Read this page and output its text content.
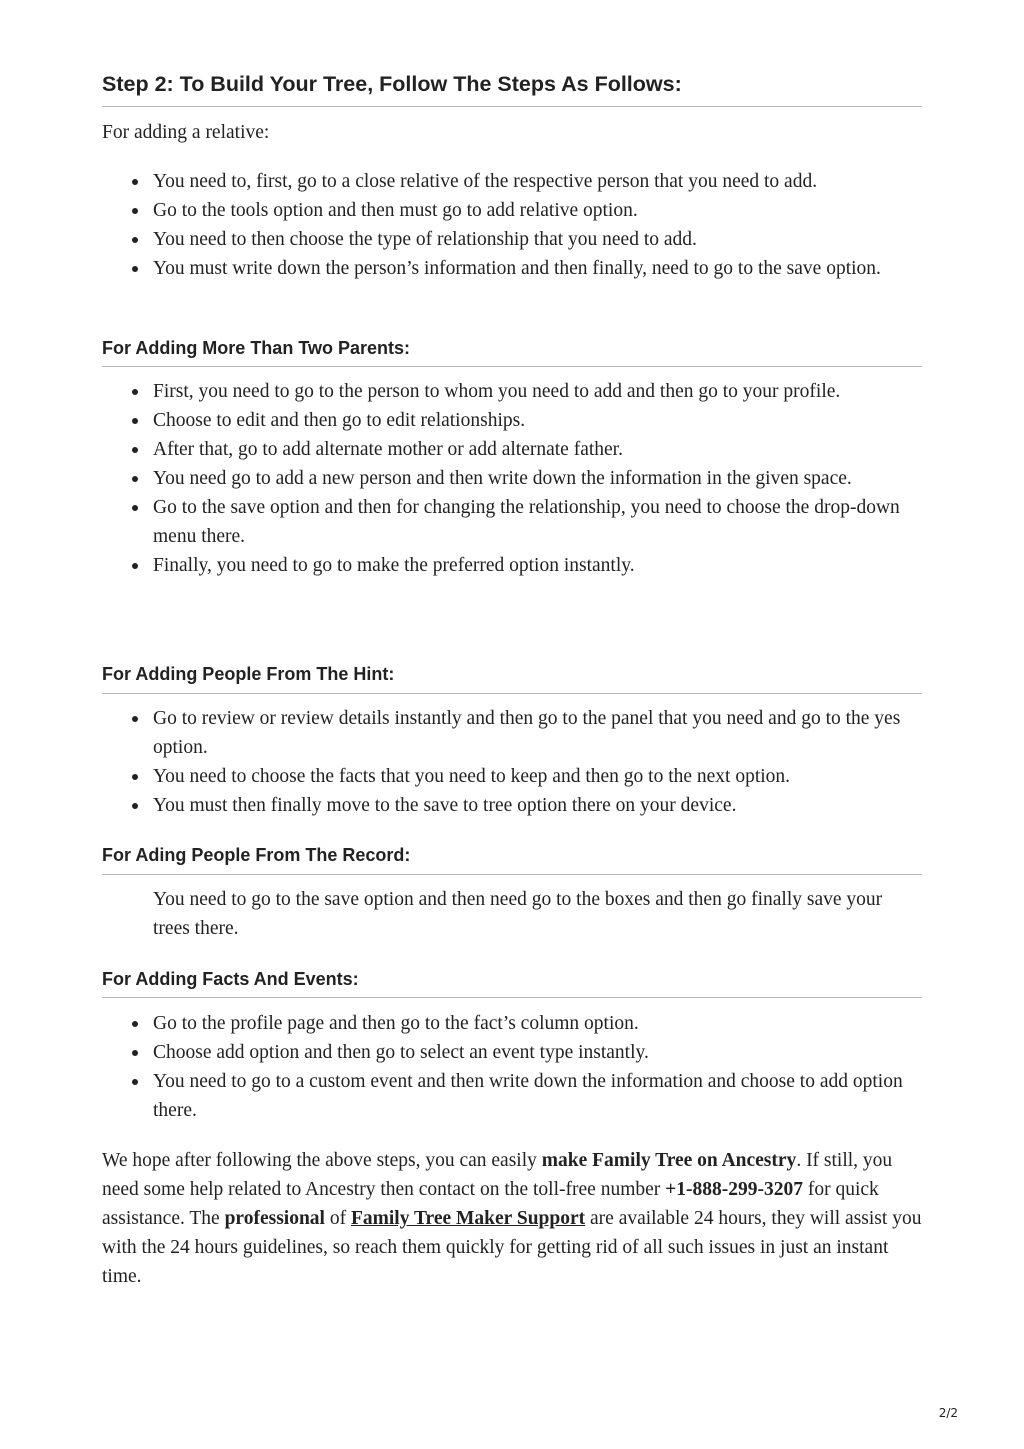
Step 2: To Build Your Tree, Follow The Steps As Follows:

For adding a relative:

You need to, first, go to a close relative of the respective person that you need to add.
Go to the tools option and then must go to add relative option.
You need to then choose the type of relationship that you need to add.
You must write down the person’s information and then finally, need to go to the save option.
For Adding More Than Two Parents:
First, you need to go to the person to whom you need to add and then go to your profile.
Choose to edit and then go to edit relationships.
After that, go to add alternate mother or add alternate father.
You need go to add a new person and then write down the information in the given space.
Go to the save option and then for changing the relationship, you need to choose the drop-down menu there.
Finally, you need to go to make the preferred option instantly.
For Adding People From The Hint:
Go to review or review details instantly and then go to the panel that you need and go to the yes option.
You need to choose the facts that you need to keep and then go to the next option.
You must then finally move to the save to tree option there on your device.
For Ading People From The Record:

You need to go to the save option and then need go to the boxes and then go finally save your trees there.

For Adding Facts And Events:
Go to the profile page and then go to the fact’s column option.
Choose add option and then go to select an event type instantly.
You need to go to a custom event and then write down the information and choose to add option there.

We hope after following the above steps, you can easily make Family Tree on Ancestry. If still, you need some help related to Ancestry then contact on the toll-free number +1-888-299-3207 for quick assistance. The professional of Family Tree Maker Support are available 24 hours, they will assist you with the 24 hours guidelines, so reach them quickly for getting rid of all such issues in just an instant time.

2/2
